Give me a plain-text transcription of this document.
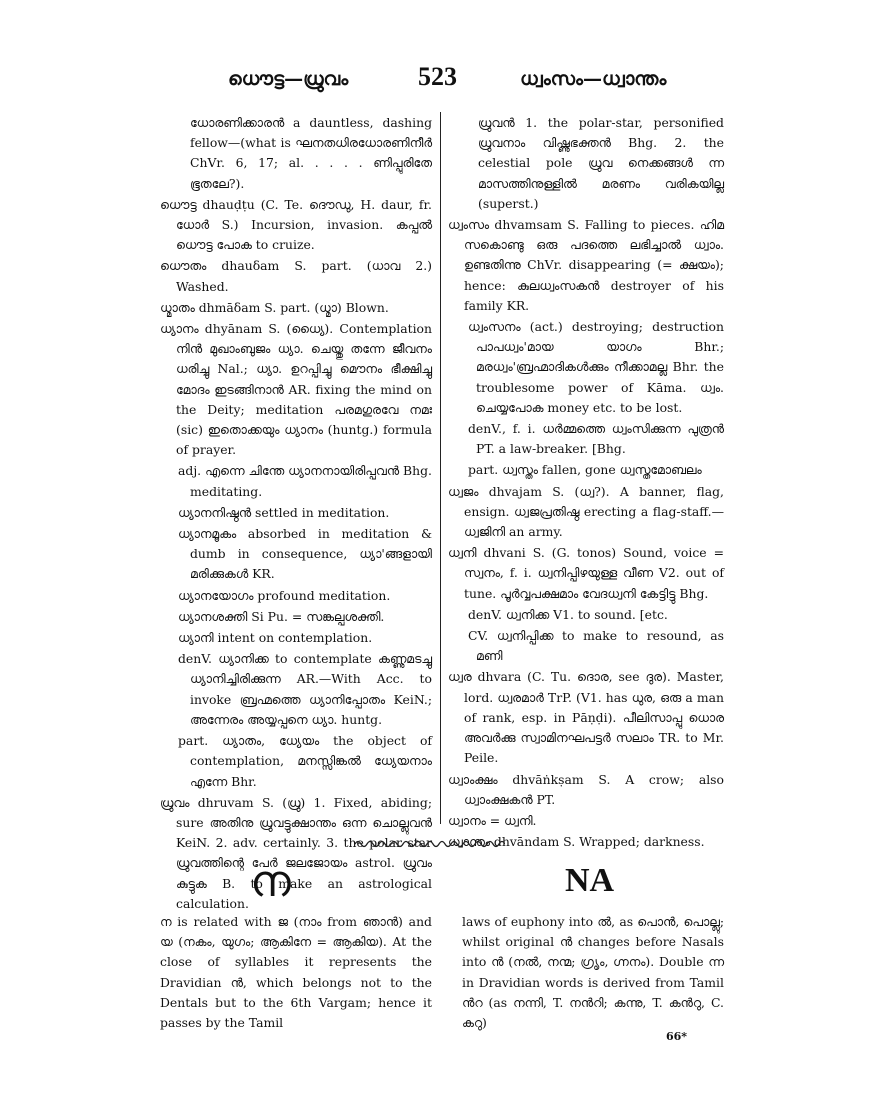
ധൌട്ട—ധ്രുവം	523	ധ്വംസം—ധ്വാന്തം

ധോരണിക്കാരൻ a dauntless, dashing fellow—(what is ഘനതധിരധോരണിനീർ ChVr. 6, 17; al. . . . . ണിപ്പുരിതേ ഭൂതലേ?).

ധൌട്ട dhauḍṭu (C. Te. ദൌഡു, H. daur, fr. ധോർ S.) Incursion, invasion. കപ്പൽ ധൌട്ട പോക to cruize.

ധൌതം dhauδam S. part. (ധാവ 2.) Washed.

ധ്മാതം dhmāδam S. part. (ധ്മാ) Blown.

ധ്യാനം dhyānam S. (ധ്യൈ). Contemplation നിൻ മുഖാംബുജം ധ്യാ. ചെയ്തു തന്നേ ജീവനം ധരിച്ചു Nal.; ധ്യാ. ഉറപ്പിച്ചു മൌനം ഭീക്ഷിച്ചു മോദം ഇടങ്ങിനാൻ AR. fixing the mind on the Deity; meditation പരമഗുരവേ നമഃ (sic) ഇതൊക്കയും ധ്യാനം (huntg.) formula of prayer.

adj. എന്നെ ചിന്തേ ധ്യാനനായിരിപ്പവൻ Bhg. meditating.

ധ്യാനനിഷ്ഠൻ settled in meditation.

ധ്യാനമൂകം absorbed in meditation & dumb in consequence, ധ്യാ'ങ്ങളായി മരിക്കുകൾ KR.

ധ്യാനയോഗം profound meditation.

ധ്യാനശക്തി Si Pu. = സങ്കല്പശക്തി.

ധ്യാനി intent on contemplation.

denV. ധ്യാനിക്ക to contemplate കണ്ണുമടച്ചു ധ്യാനിച്ചിരിക്കുന്ന AR.—With Acc. to invoke ബ്രഹ്മത്തെ ധ്യാനിപ്പോതം KeiN.; അന്നേരം അയ്യപ്പനെ ധ്യാ. huntg.

part. ധ്യാതം, ധ്യേയം the object of contemplation, മനസ്സിങ്കൽ ധ്യേയനാം എന്നേ Bhr.

ധ്രുവം dhruvam S. (ധ്രു) 1. Fixed, abiding; sure അതിനു ധ്രുവട്ടുക്ഷാന്തം ഒന്ന ചൊല്ലുവൻ KeiN. 2. adv. certainly. 3. the polar star ധ്രുവത്തിന്റെ പേർ ജലജോയം astrol. ധ്രുവം കുട്ടുക B. to make an astrological calculation.

ധ്രുവൻ 1. the polar-star, personified ധ്രുവനാം വിഷ്ണുഭക്തൻ Bhg. 2. the celestial pole ധ്രുവ നെക്കങ്ങൾ ന്ന മാസത്തിനുള്ളിൽ മരണം വരികയില്ല (superst.)

ധ്വംസം dhvamsam S. Falling to pieces. ഹിമ സകൊണ്ടു ഒരു പദത്തെ ലഭിച്ചാൽ ധ്വാം. ഉണ്ടതിന്നു ChVr. disappearing (= ക്ഷയം); hence: കുലധ്വംസകൻ destroyer of his family KR.

ധ്വംസനം (act.) destroying; destruction പാപധ്വം'മായ യാഗം Bhr.; മരധ്വം'ബ്രഹ്മാദികൾക്കും നീക്കാമല്ല Bhr. the troublesome power of Kāma. ധ്വം. ചെയ്യപോക money etc. to be lost.

denV., f. i. ധർമ്മത്തെ ധ്വംസിക്കുന്ന പുത്രൻ PT. a law-breaker. [Bhg.

part. ധ്വസ്തം fallen, gone ധ്വസ്തമോബലം

ധ്വജം dhvajam S. (ധ്വ?). A banner, flag, ensign. ധ്വജപ്രതിഷ്ഠ erecting a flag-staff.— ധ്വജിനി an army.

ധ്വനി dhvani S. (G. tonos) Sound, voice = സ്വനം, f. i. ധ്വനിപ്പിഴയുള്ള വീണ V2. out of tune. പൂർവ്വപക്ഷമാം വേദധ്വനി കേട്ടിട്ടു Bhg.

denV. ധ്വനിക്ക V1. to sound. [etc.

CV. ധ്വനിപ്പിക്ക to make to resound, as മണി

ധ്വര dhvara (C. Tu. ദൊര, see ദുര). Master, lord. ധ്വരമാർ TrP. (V1. has ധുര, ഒരു a man of rank, esp. in Pāṇḍi). പീലിസാപ്പു ധൊര അവർക്കു സ്വാമിനഘപട്ടർ സലാം TR. to Mr. Peile.

ധ്വാംക്ഷം dhvāṅkṣam S. A crow; also ധ്വാംക്ഷകൻ PT.

ധ്വാനം = ധ്വനി.

ധ്വാന്തം dhvāndam S. Wrapped; darkness.

ന	NA
ന is related with ജ (നാം from ഞാൻ) and യ (നകം, യുഗം; ആകിനേ = ആകിയ). At the close of syllables it represents the Dravidian ൻ, which belongs not to the Dentals but to the 6th Vargam; hence it passes by the Tamil
laws of euphony into ൽ, as പൊൻ, പൊല്ലു; whilst original ൻ changes before Nasals into ൻ (നൽ, നന്മ; ഗ്രൃം, ഗ്നനം). Double ന്ന in Dravidian words is derived from Tamil ൻറ (as നന്നി, T. നൻറി; കന്നു, T. കൻറു, C. കറു)
66*
